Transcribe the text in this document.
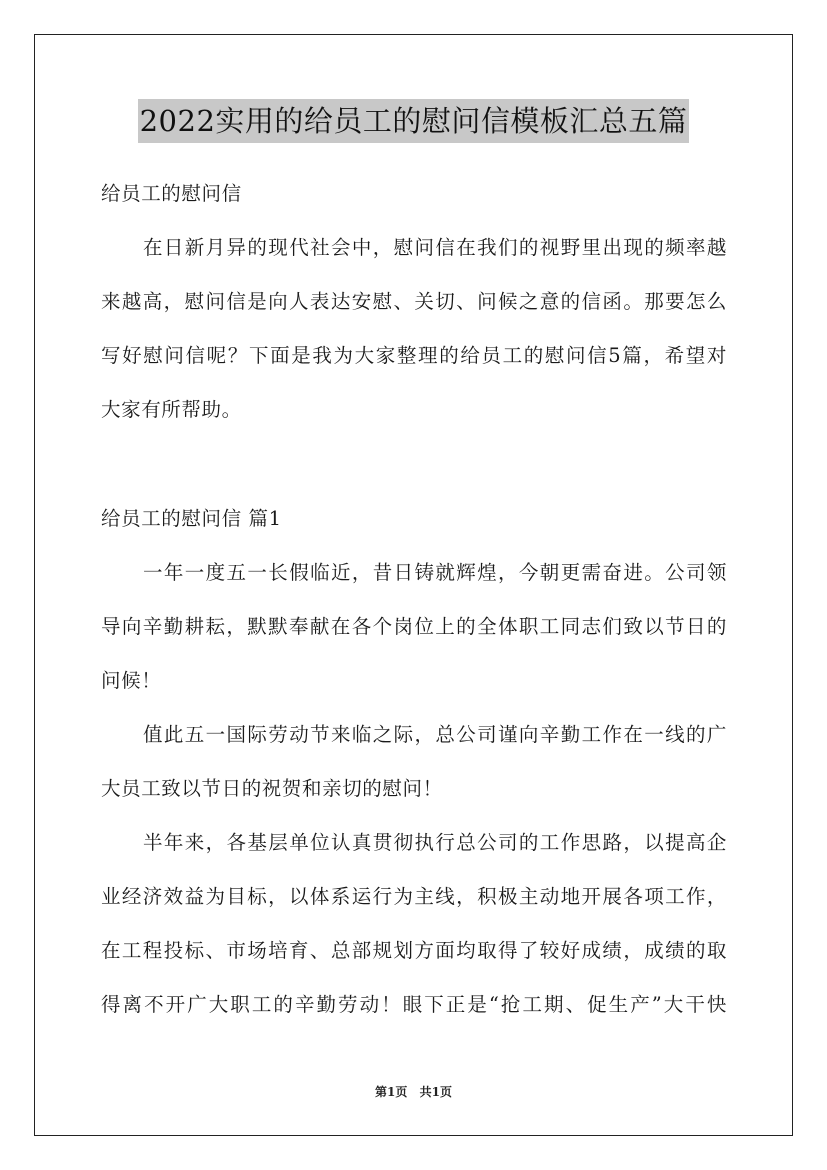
2022实用的给员工的慰问信模板汇总五篇
给员工的慰问信
在日新月异的现代社会中，慰问信在我们的视野里出现的频率越
来越高，慰问信是向人表达安慰、关切、问候之意的信函。那要怎么
写好慰问信呢？下面是我为大家整理的给员工的慰问信5篇，希望对
大家有所帮助。
给员工的慰问信 篇1
一年一度五一长假临近，昔日铸就辉煌，今朝更需奋进。公司领
导向辛勤耕耘，默默奉献在各个岗位上的全体职工同志们致以节日的
问候！
值此五一国际劳动节来临之际，总公司谨向辛勤工作在一线的广
大员工致以节日的祝贺和亲切的慰问！
半年来，各基层单位认真贯彻执行总公司的工作思路，以提高企
业经济效益为目标，以体系运行为主线，积极主动地开展各项工作，
在工程投标、市场培育、总部规划方面均取得了较好成绩，成绩的取
得离不开广大职工的辛勤劳动！眼下正是“抢工期、促生产”大干快
第1页 共1页
